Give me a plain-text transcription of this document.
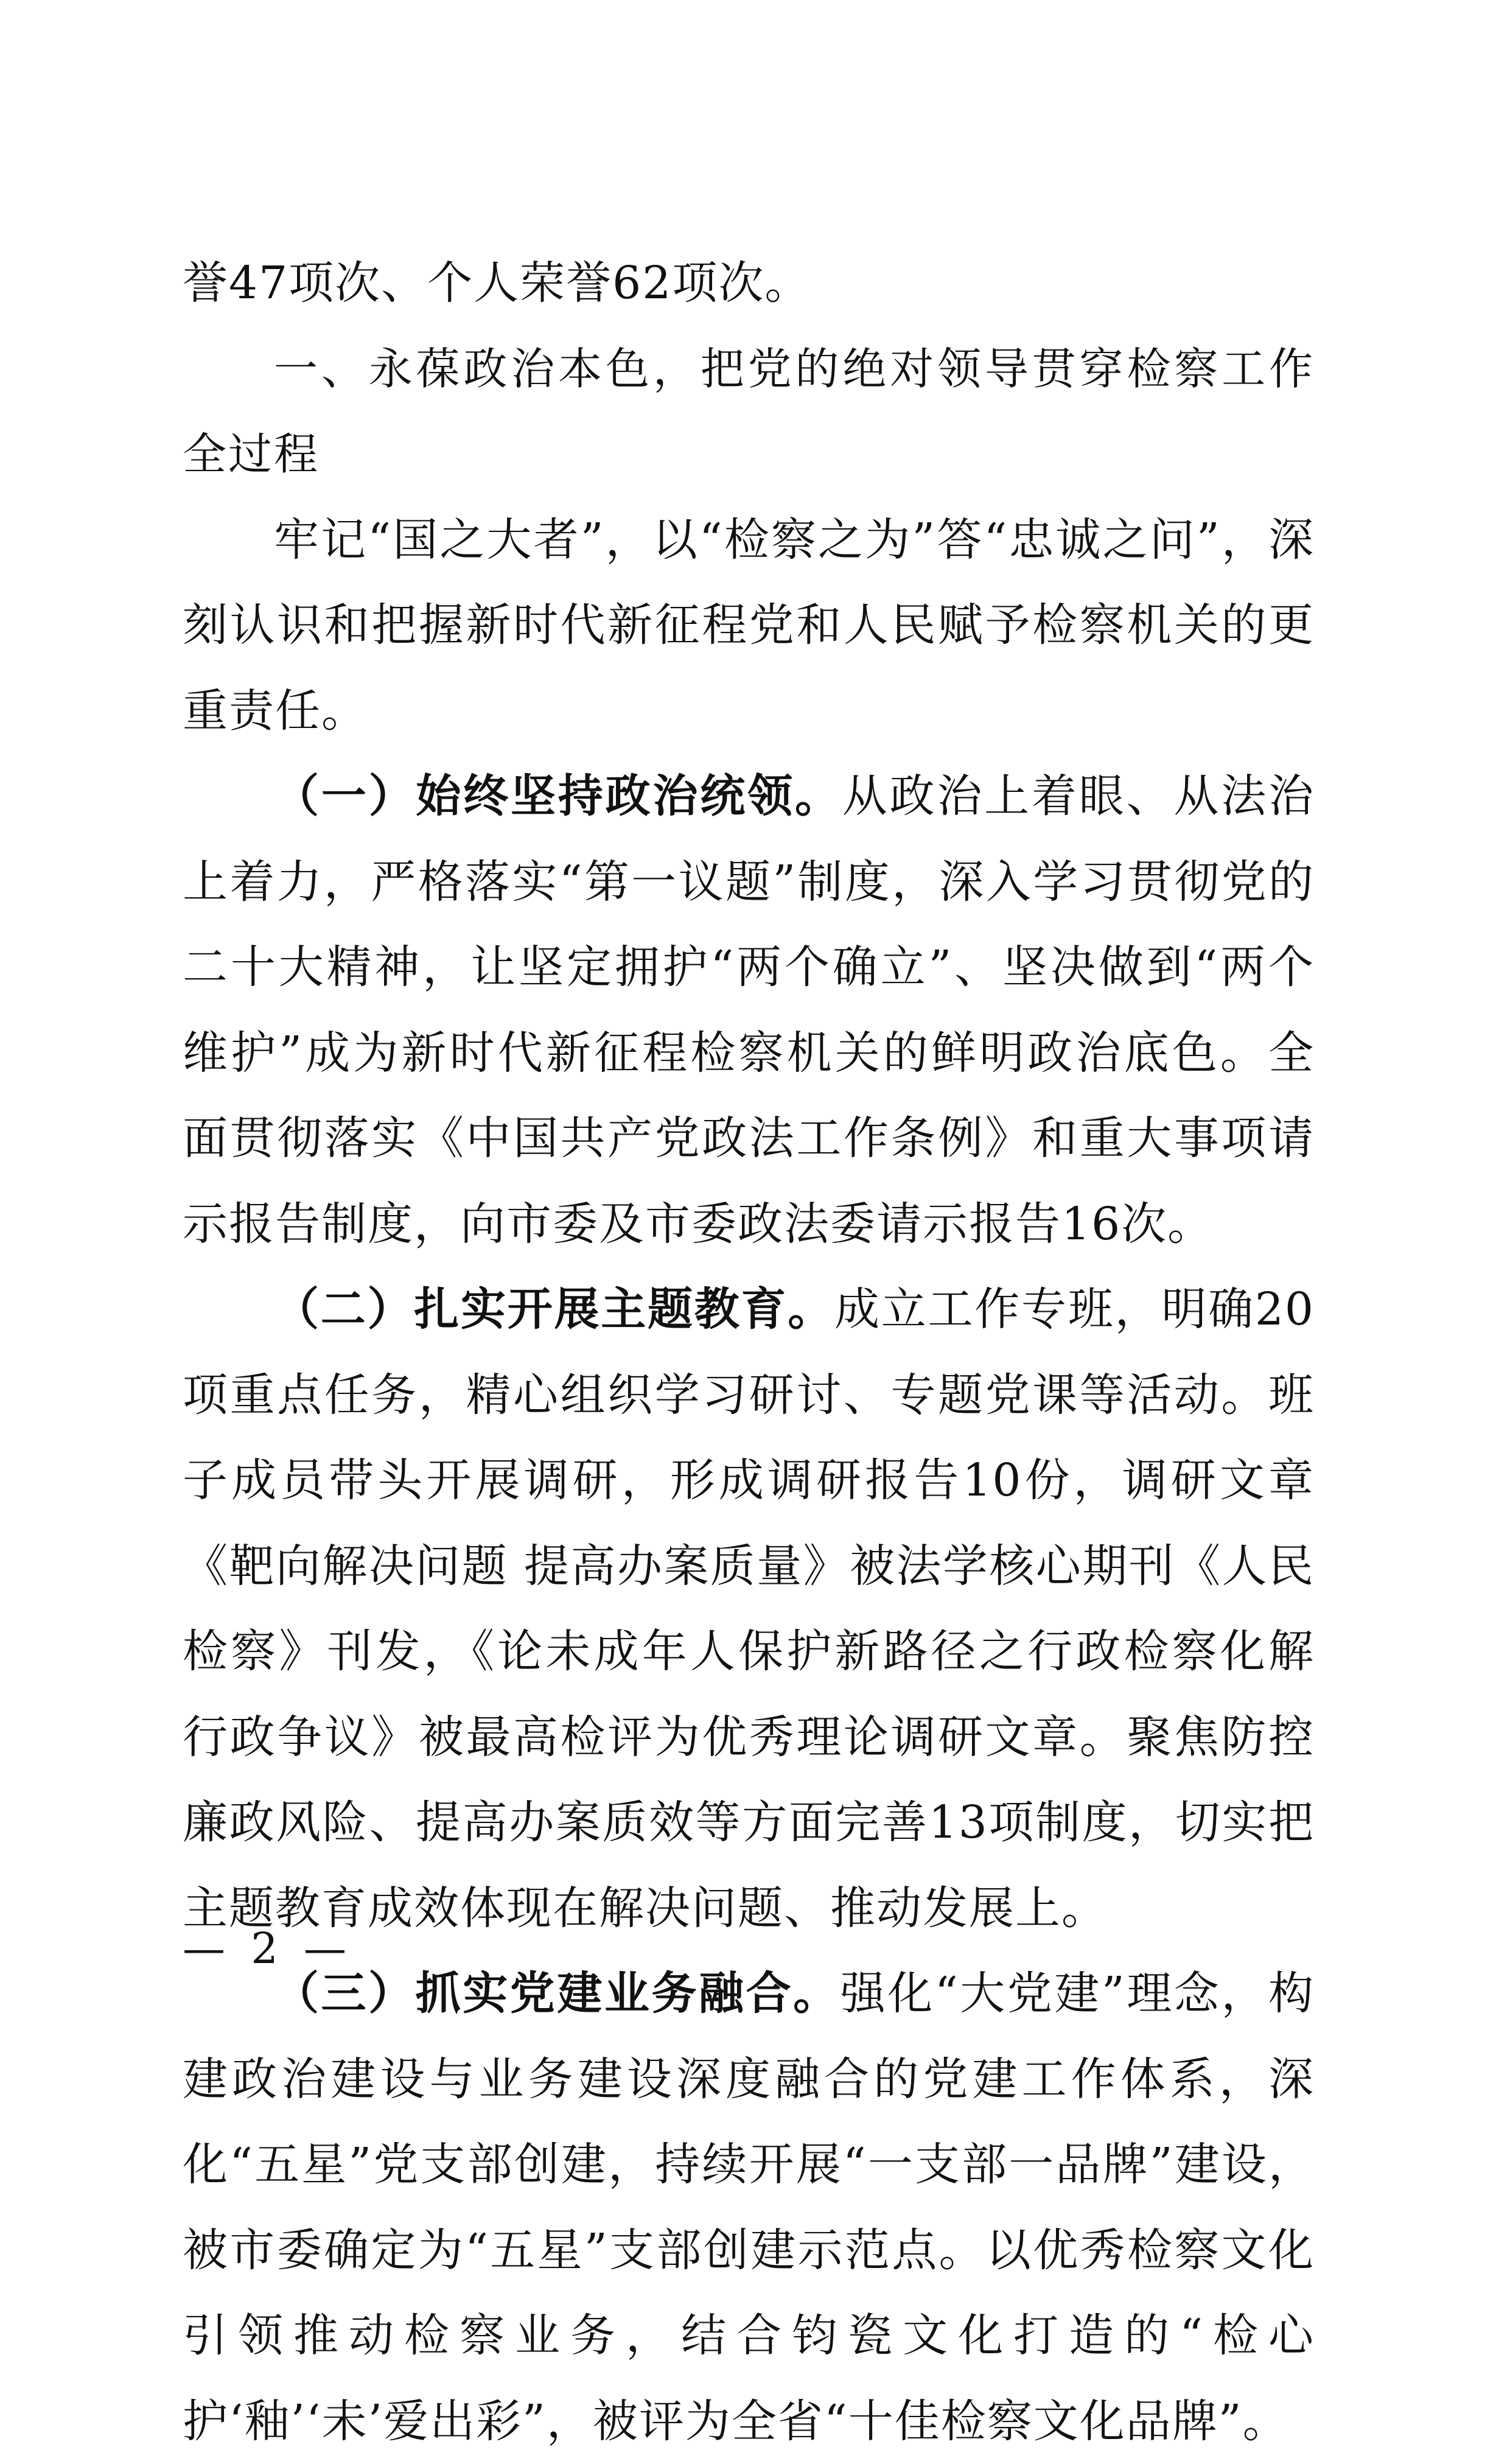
誉47项次、个人荣誉62项次。

一、永葆政治本色，把党的绝对领导贯穿检察工作全过程

牢记“国之大者”，以“检察之为”答“忠诚之问”，深刻认识和把握新时代新征程党和人民赋予检察机关的更重责任。

（一）始终坚持政治统领。从政治上着眼、从法治上着力，严格落实“第一议题”制度，深入学习贯彻党的二十大精神，让坚定拥护“两个确立”、坚决做到“两个维护”成为新时代新征程检察机关的鲜明政治底色。全面贯彻落实《中国共产党政法工作条例》和重大事项请示报告制度，向市委及市委政法委请示报告16次。

（二）扎实开展主题教育。成立工作专班，明确20项重点任务，精心组织学习研讨、专题党课等活动。班子成员带头开展调研，形成调研报告10份，调研文章《靶向解决问题 提高办案质量》被法学核心期刊《人民检察》刊发，《论未成年人保护新路径之行政检察化解行政争议》被最高检评为优秀理论调研文章。聚焦防控廉政风险、提高办案质效等方面完善13项制度，切实把主题教育成效体现在解决问题、推动发展上。

（三）抓实党建业务融合。强化“大党建”理念，构建政治建设与业务建设深度融合的党建工作体系，深化“五星”党支部创建，持续开展“一支部一品牌”建设，被市委确定为“五星”支部创建示范点。以优秀检察文化引领推动检察业务，结合钧瓷文化打造的“检心护‘釉’‘未’爱出彩”，被评为全省“十佳检察文化品牌”。

— 2 —
